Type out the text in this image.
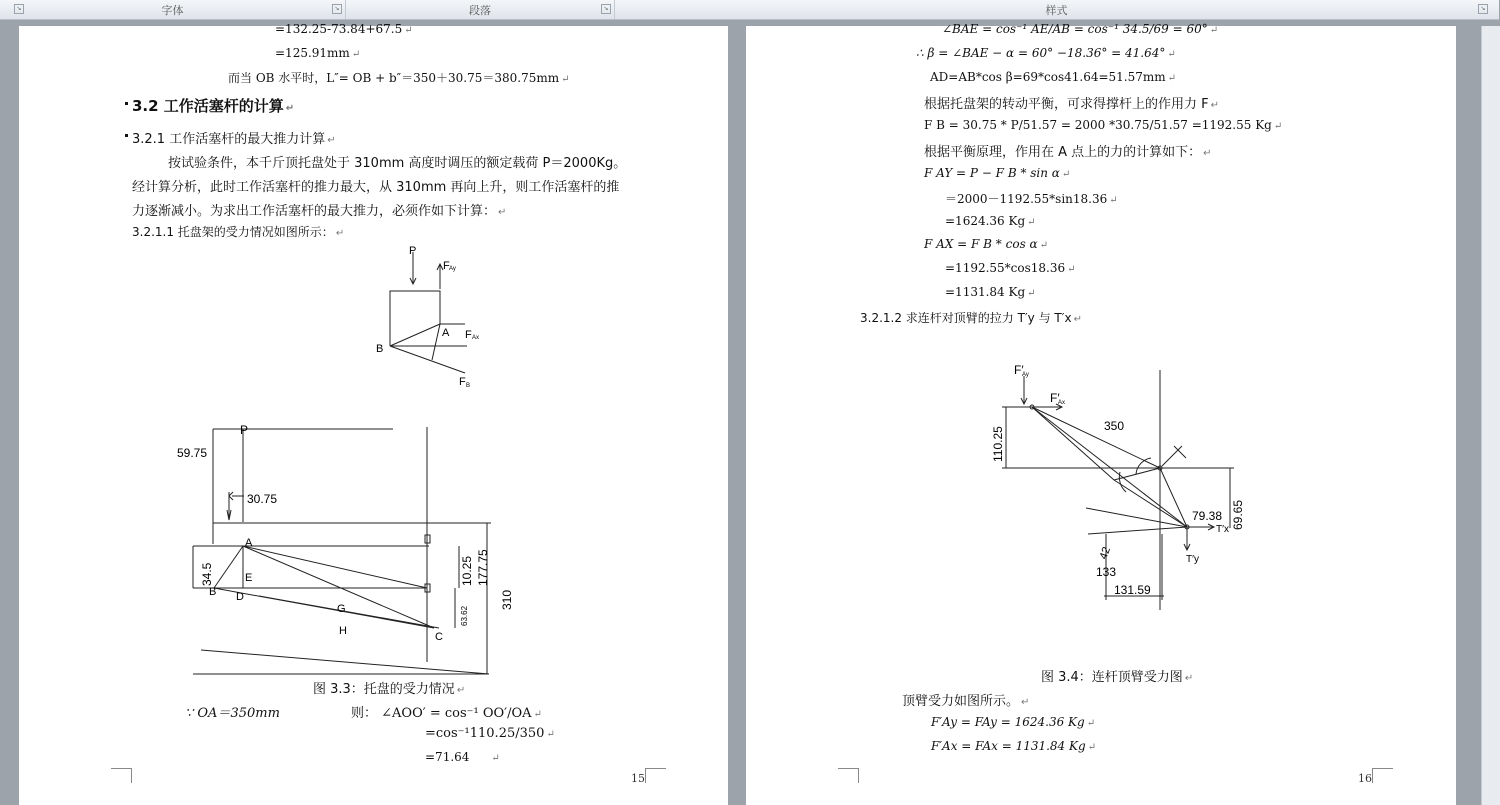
字体	↘
↘	段落	↘	样式	↘
=132.25-73.84+67.5 ↵
=125.91mm ↵
而当 OB 水平时，L″= OB + b″＝350＋30.75＝380.75mm ↵
3.2 工作活塞杆的计算 ↵
3.2.1 工作活塞杆的最大推力计算 ↵
按试验条件，本千斤顶托盘处于 310mm 高度时调压的额定载荷 P＝2000Kg。
经计算分析，此时工作活塞杆的推力最大，从 310mm 再向上升，则工作活塞杆的推
力逐渐减小。为求出工作活塞杆的最大推力，必须作如下计算： ↵
3.2.1.1 托盘架的受力情况如图所示： ↵
P
F Ay
A F Ax
B
F B
P
59.75
30.75
A
E
B D
G
H	C
34.5	10.25 177.75
310
63.62
图 3.3：托盘的受力情况 ↵
∵ OA＝350mm	则： ∠AOO′ = cos⁻¹ OO′/OA ↵
=cos⁻¹110.25/350 ↵
=71.64 ↵
15
∠BAE = cos⁻¹ AE/AB = cos⁻¹ 34.5/69 = 60° ↵
∴ β = ∠BAE − α = 60° −18.36° = 41.64° ↵
AD=AB*cos β=69*cos41.64=51.57mm ↵
根据托盘架的转动平衡，可求得撑杆上的作用力 F ↵
F B = 30.75 * P/51.57 = 2000 *30.75/51.57 =1192.55 Kg ↵
根据平衡原理，作用在 A 点上的力的计算如下： ↵
F AY = P − F B * sin α ↵
＝2000－1192.55*sin18.36 ↵
=1624.36 Kg ↵
F AX = F B * cos α ↵
=1192.55*cos18.36 ↵
=1131.84 Kg ↵
3.2.1.2 求连杆对顶臂的拉力 T′y 与 T′x ↵
F′
Ay
F′
Ax
350
110.25
79.38 69.65
T′x
T′y
42
133
131.59
图 3.4：连杆顶臂受力图 ↵
顶臂受力如图所示。 ↵
F′Ay = FAy = 1624.36 Kg ↵
F′Ax = FAx = 1131.84 Kg ↵
16
